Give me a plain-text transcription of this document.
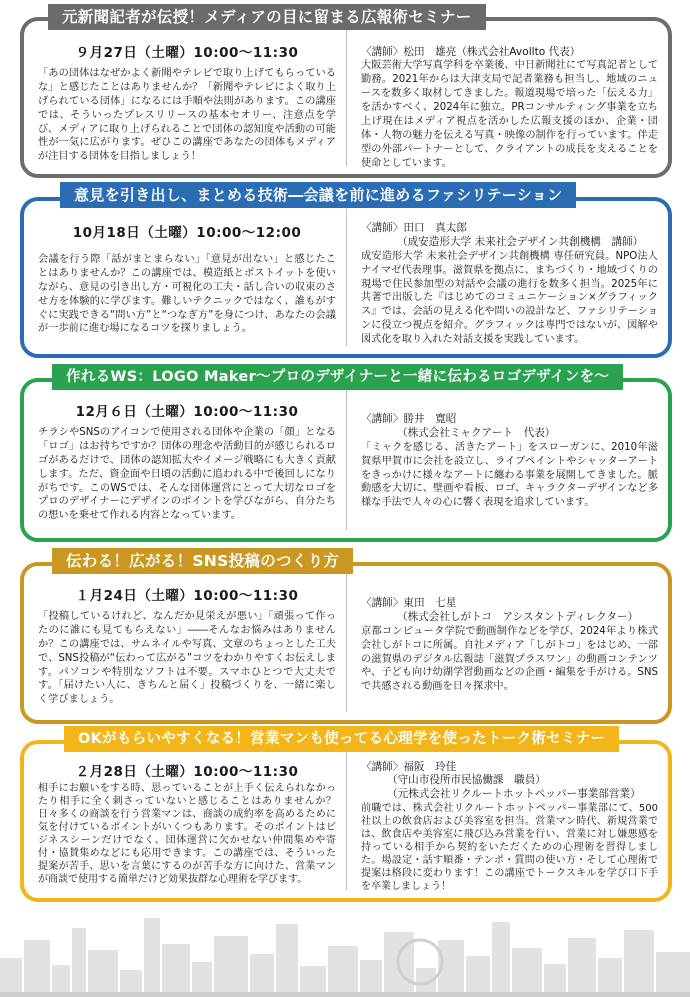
９月27日（土曜）10:00～11:30
「あの団体はなぜかよく新聞やテレビで取り上げてもらっているな」と感じたことはありませんか？「新聞やテレビによく取り上げられている団体」になるには手順や法則があります。この講座では、そういったプレスリリースの基本セオリー、注意点を学び、メディアに取り上げられることで団体の認知度や活動の可能性が一気に広がります。ぜひこの講座であなたの団体もメディアが注目する団体を目指しましょう！
〈講師〉松田　雄亮（株式会社Avollto 代表）
大阪芸術大学写真学科を卒業後、中日新聞社にて写真記者として勤務。2021年からは大津支局で記者業務も担当し、地域のニュースを数多く取材してきました。報道現場で培った「伝える力」を活かすべく、2024年に独立。PRコンサルティング事業を立ち上げ現在はメディア視点を活かした広報支援のほか、企業・団体・人物の魅力を伝える写真・映像の制作を行っています。伴走型の外部パートナーとして、クライアントの成長を支えることを使命としています。
元新聞記者が伝授！メディアの目に留まる広報術セミナー
10月18日（土曜）10:00～12:00
会議を行う際「話がまとまらない」「意見が出ない」と感じたことはありませんか？この講座では、模造紙とポストイットを使いながら、意見の引き出し方・可視化の工夫・話し合いの収束のさせ方を体験的に学びます。難しいテクニックではなく、誰もがすぐに実践できる“問い方”と“つなぎ方”を身につけ、あなたの会議が一歩前に進む場になるコツを探りましょう。
〈講師〉田口　真太郎
（成安造形大学 未来社会デザイン共創機構　講師）
成安造形大学 未来社会デザイン共創機構 専任研究員。NPO法人ナイマゼ代表理事。滋賀県を拠点に、まちづくり・地域づくりの現場で住民参加型の対話や会議の進行を数多く担当。2025年に共著で出版した『はじめてのコミュニケーション×グラフィックス』では、会話の見える化や問いの設計など、ファシリテーションに役立つ視点を紹介。グラフィックは専門ではないが、図解や図式化を取り入れた対話支援を実践しています。
意見を引き出し、まとめる技術―会議を前に進めるファシリテーション
12月６日（土曜）10:00～11:30
チラシやSNSのアイコンで使用される団体や企業の「顔」となる「ロゴ」はお持ちですか？団体の理念や活動目的が感じられるロゴがあるだけで、団体の認知拡大やイメージ戦略にも大きく貢献します。ただ、資金面や日頃の活動に追われる中で後回しになりがちです。このWSでは、そんな団体運営にとって大切なロゴをプロのデザイナーにデザインのポイントを学びながら、自分たちの想いを乗せて作れる内容となっています。
〈講師〉勝井　寛昭
（株式会社ミャクアート　代表）
「ミャクを感じる、活きたアート」をスローガンに、2010年滋賀県甲賀市に会社を設立し、ライブペイントやシャッターアートをきっかけに様々なアートに纏わる事業を展開してきました。脈動感を大切に、壁画や看板、ロゴ、キャラクターデザインなど多様な手法で人々の心に響く表現を追求しています。
作れるWS：LOGO Maker～プロのデザイナーと一緒に伝わるロゴデザインを～
１月24日（土曜）10:00～11:30
「投稿しているけれど、なんだか見栄えが悪い」「頑張って作ったのに誰にも見てもらえない」――そんなお悩みはありませんか？この講座では、サムネイルや写真、文章のちょっとした工夫で、SNS投稿が“伝わって広がる”コツをわかりやすくお伝えします。パソコンや特別なソフトは不要。スマホひとつで大丈夫です。「届けたい人に、きちんと届く」投稿づくりを、一緒に楽しく学びましょう。
〈講師〉東田　七星
（株式会社しがトコ　アシスタントディレクター）
京都コンピュータ学院で動画制作などを学び、2024年より株式会社しがトコに所属。自社メディア「しがトコ」をはじめ、一部の滋賀県のデジタル広報誌「滋賀プラスワン」の動画コンテンツや、子ども向け幼湖学習動画などの企画・編集を手がける。SNSで共感される動画を日々探求中。
伝わる！広がる！SNS投稿のつくり方
２月28日（土曜）10:00～11:30
相手にお願いをする時、思っていることが上手く伝えられなかったり相手に全く刺さっていないと感じることはありませんか？日々多くの商談を行う営業マンは、商談の成約率を高めるために気を付けているポイントがいくつもあります。そのポイントはビジネスシーンだけでなく、団体運営に欠かせない仲間集めや寄付・協賛集めなどにも応用できます。この講座では、そういった提案が苦手、思いを言葉にするのが苦手な方に向けた、営業マンが商談で使用する簡単だけど効果抜群な心理術を学びます。
〈講師〉福阪　玲佳
（守山市役所市民協働課　職員）
（元株式会社リクルートホットペッパー事業部営業）
前職では、株式会社リクルートホットペッパー事業部にて、500社以上の飲食店および美容室を担当。営業マン時代、新規営業では、飲食店や美容室に飛び込み営業を行い、営業に対し嫌悪感を持っている相手から契約をいただくための心理術を習得しました。場設定・話す順番・テンポ・質問の使い方・そして心理術で提案は格段に変わります！この講座でトークスキルを学び口下手を卒業しましょう！
OKがもらいやすくなる！営業マンも使ってる心理学を使ったトーク術セミナー
